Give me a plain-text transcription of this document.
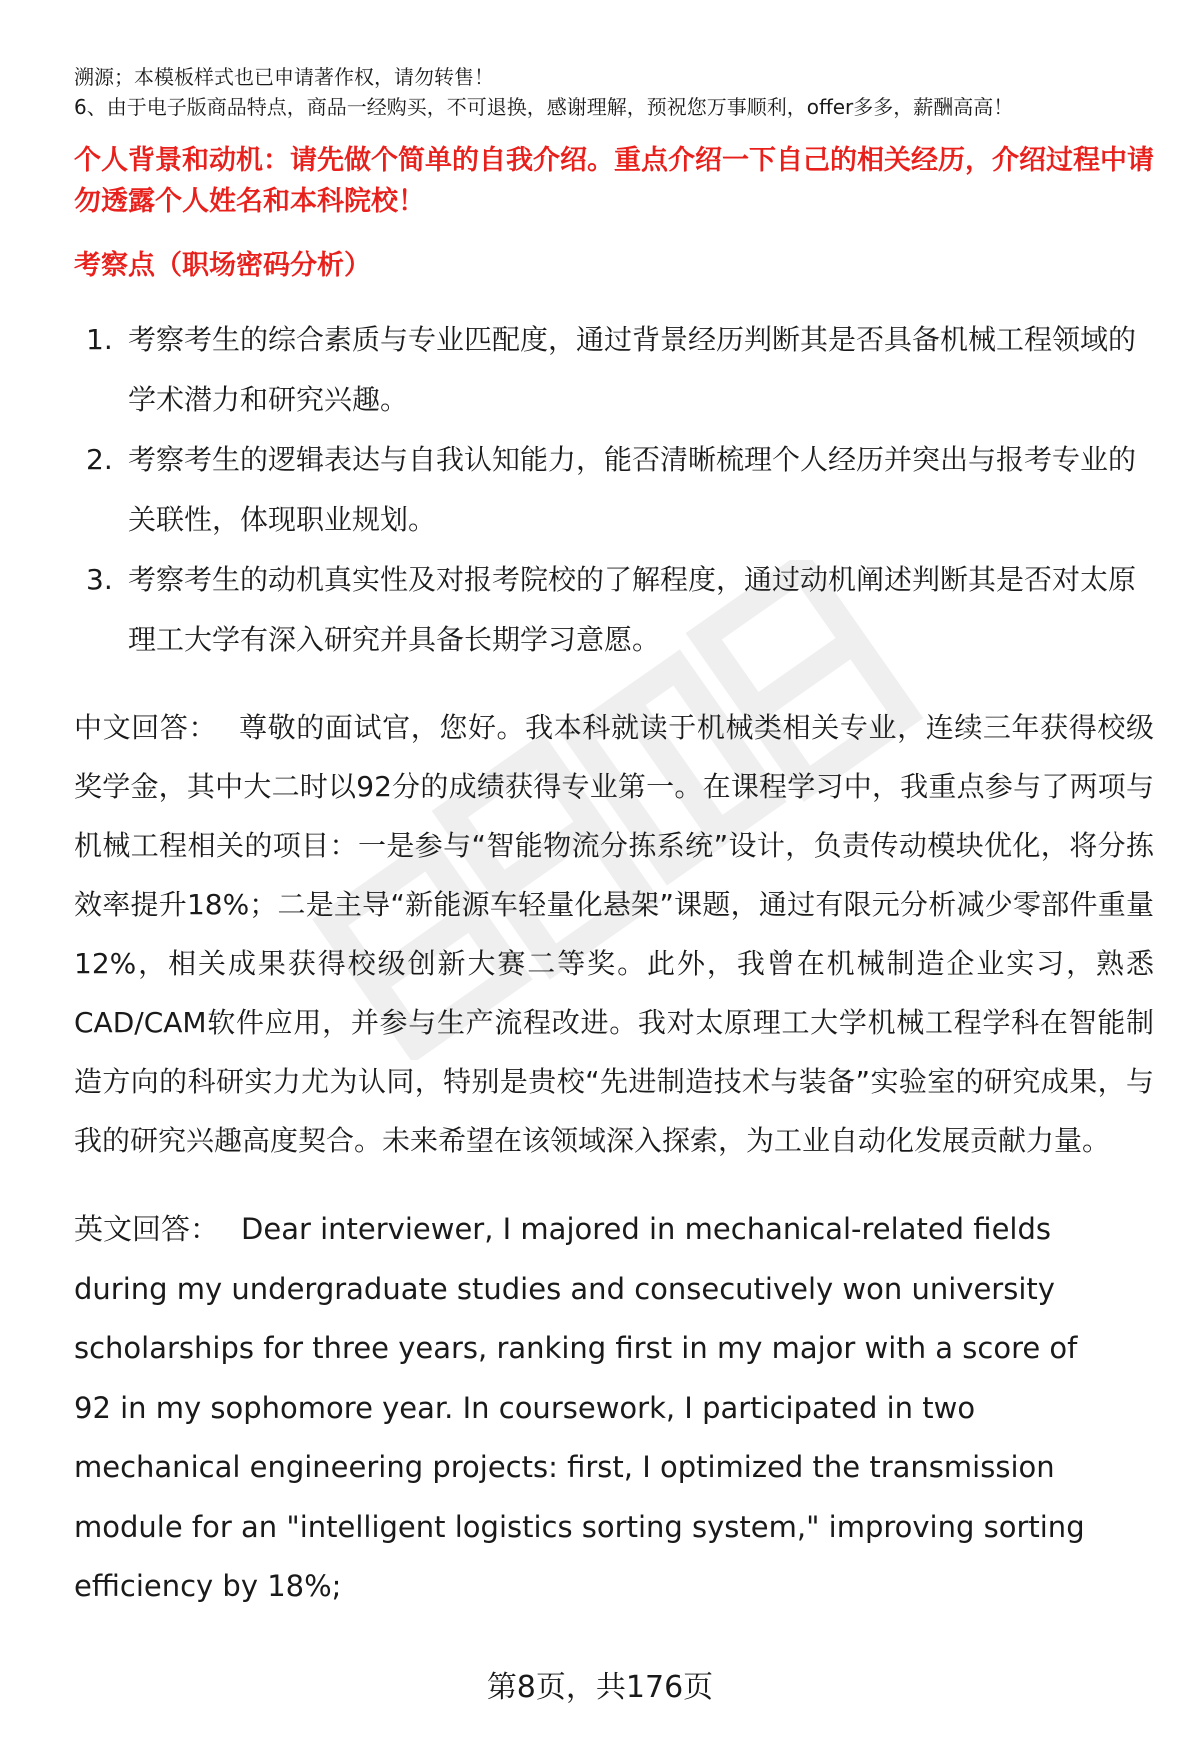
溯源；本模板样式也已申请著作权，请勿转售！
6、由于电子版商品特点，商品一经购买，不可退换，感谢理解，预祝您万事顺利，offer多多，薪酬高高！
个人背景和动机：请先做个简单的自我介绍。重点介绍一下自己的相关经历，介绍过程中请勿透露个人姓名和本科院校！
考察点（职场密码分析）
1. 考察考生的综合素质与专业匹配度，通过背景经历判断其是否具备机械工程领域的学术潜力和研究兴趣。
2. 考察考生的逻辑表达与自我认知能力，能否清晰梳理个人经历并突出与报考专业的关联性，体现职业规划。
3. 考察考生的动机真实性及对报考院校的了解程度，通过动机阐述判断其是否对太原理工大学有深入研究并具备长期学习意愿。
中文回答： 尊敬的面试官，您好。我本科就读于机械类相关专业，连续三年获得校级奖学金，其中大二时以92分的成绩获得专业第一。在课程学习中，我重点参与了两项与机械工程相关的项目：一是参与“智能物流分拣系统”设计，负责传动模块优化，将分拣效率提升18%；二是主导“新能源车轻量化悬架”课题，通过有限元分析减少零部件重量12%，相关成果获得校级创新大赛二等奖。此外，我曾在机械制造企业实习，熟悉CAD/CAM软件应用，并参与生产流程改进。我对太原理工大学机械工程学科在智能制造方向的科研实力尤为认同，特别是贵校“先进制造技术与装备”实验室的研究成果，与我的研究兴趣高度契合。未来希望在该领域深入探索，为工业自动化发展贡献力量。
英文回答： Dear interviewer, I majored in mechanical-related fields during my undergraduate studies and consecutively won university scholarships for three years, ranking first in my major with a score of 92 in my sophomore year. In coursework, I participated in two mechanical engineering projects: first, I optimized the transmission module for an "intelligent logistics sorting system," improving sorting efficiency by 18%;
第8页，共176页
